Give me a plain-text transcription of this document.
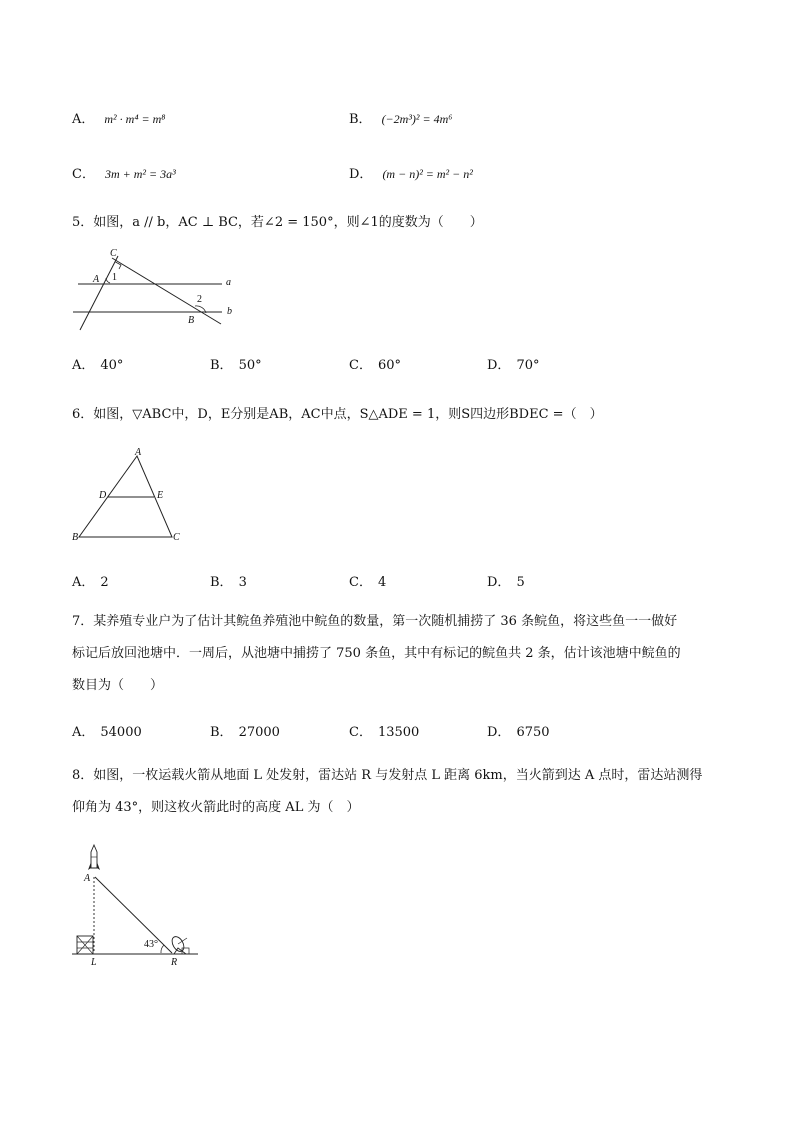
A． m² · m⁴ = m⁸	B． (−2m³)² = 4m⁶
C． 3m + m² = 3a³	D． (m − n)² = m² − n²
5．如图，a // b，AC ⊥ BC，若∠2 = 150°，则∠1的度数为（　　）
C
A 1	a
2
B
b
A． 40°	B． 50°	C． 60°	D． 70°
6．如图，▽ABC中，D，E分别是AB，AC中点，S△ADE = 1，则S四边形BDEC =（　）
A
D	E
B	C
A． 2	B． 3	C． 4	D． 5
7．某养殖专业户为了估计其鲩鱼养殖池中鲩鱼的数量，第一次随机捕捞了 36 条鲩鱼，将这些鱼一一做好
标记后放回池塘中．一周后，从池塘中捕捞了 750 条鱼，其中有标记的鲩鱼共 2 条，估计该池塘中鲩鱼的
数目为（　　）
A． 54000	B． 27000	C． 13500	D． 6750
8．如图，一枚运载火箭从地面 L 处发射，雷达站 R 与发射点 L 距离 6km，当火箭到达 A 点时，雷达站测得
仰角为 43°，则这枚火箭此时的高度 AL 为（　）
A
43°
L	R
